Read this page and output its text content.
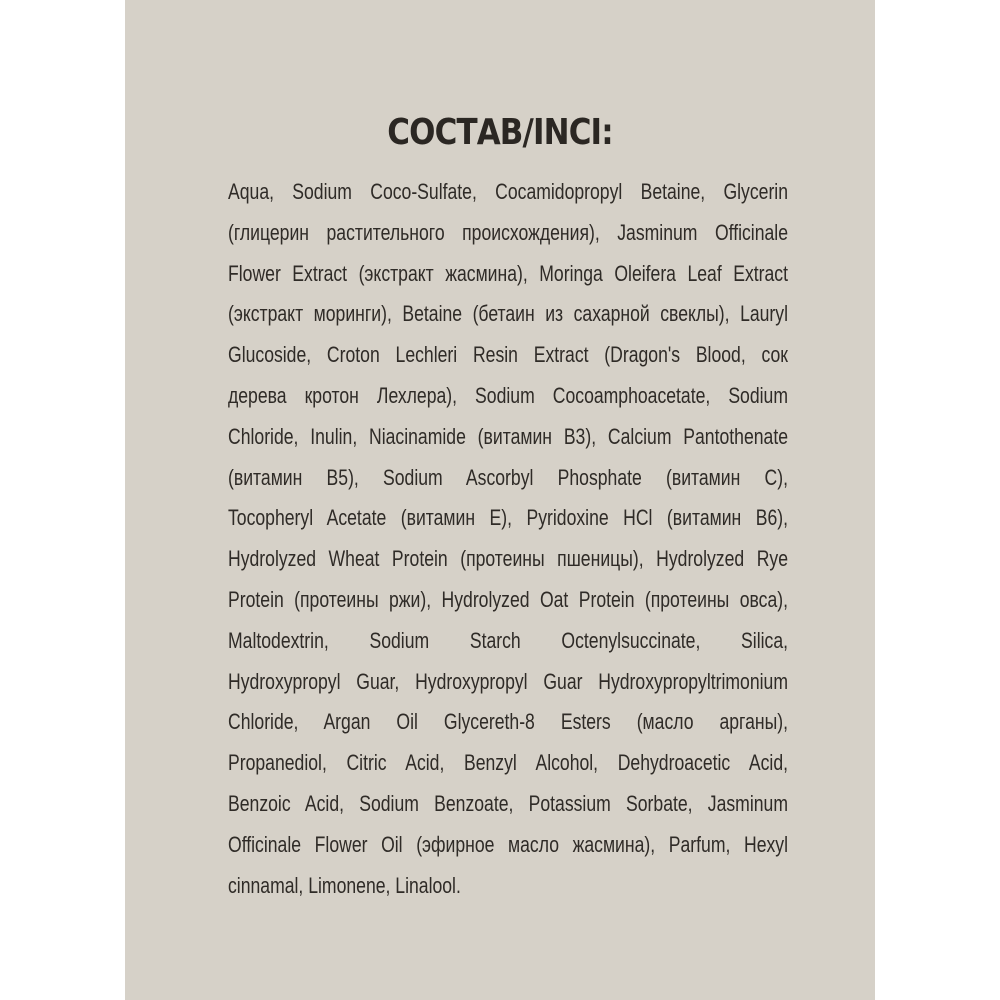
СОСТАВ/INCI:
Aqua, Sodium Coco-Sulfate, Cocamidopropyl Betaine, Glycerin
(глицерин растительного происхождения), Jasminum Officinale
Flower Extract (экстракт жасмина), Moringa Oleifera Leaf Extract
(экстракт моринги), Betaine (бетаин из сахарной свеклы), Lauryl
Glucoside, Croton Lechleri Resin Extract (Dragon's Blood, сок
дерева кротон Лехлера), Sodium Cocoamphoacetate, Sodium
Chloride, Inulin, Niacinamide (витамин В3), Calcium Pantothenate
(витамин В5), Sodium Ascorbyl Phosphate (витамин С),
Tocopheryl Acetate (витамин Е), Pyridoxine HCl (витамин В6),
Hydrolyzed Wheat Protein (протеины пшеницы), Hydrolyzed Rye
Protein (протеины ржи), Hydrolyzed Oat Protein (протеины овса),
Maltodextrin, Sodium Starch Octenylsuccinate, Silica,
Hydroxypropyl Guar, Hydroxypropyl Guar Hydroxypropyltrimonium
Chloride, Argan Oil Glycereth-8 Esters (масло арганы),
Propanediol, Citric Acid, Benzyl Alcohol, Dehydroacetic Acid,
Benzoic Acid, Sodium Benzoate, Potassium Sorbate, Jasminum
Officinale Flower Oil (эфирное масло жасмина), Parfum, Hexyl
cinnamal, Limonene, Linalool.
